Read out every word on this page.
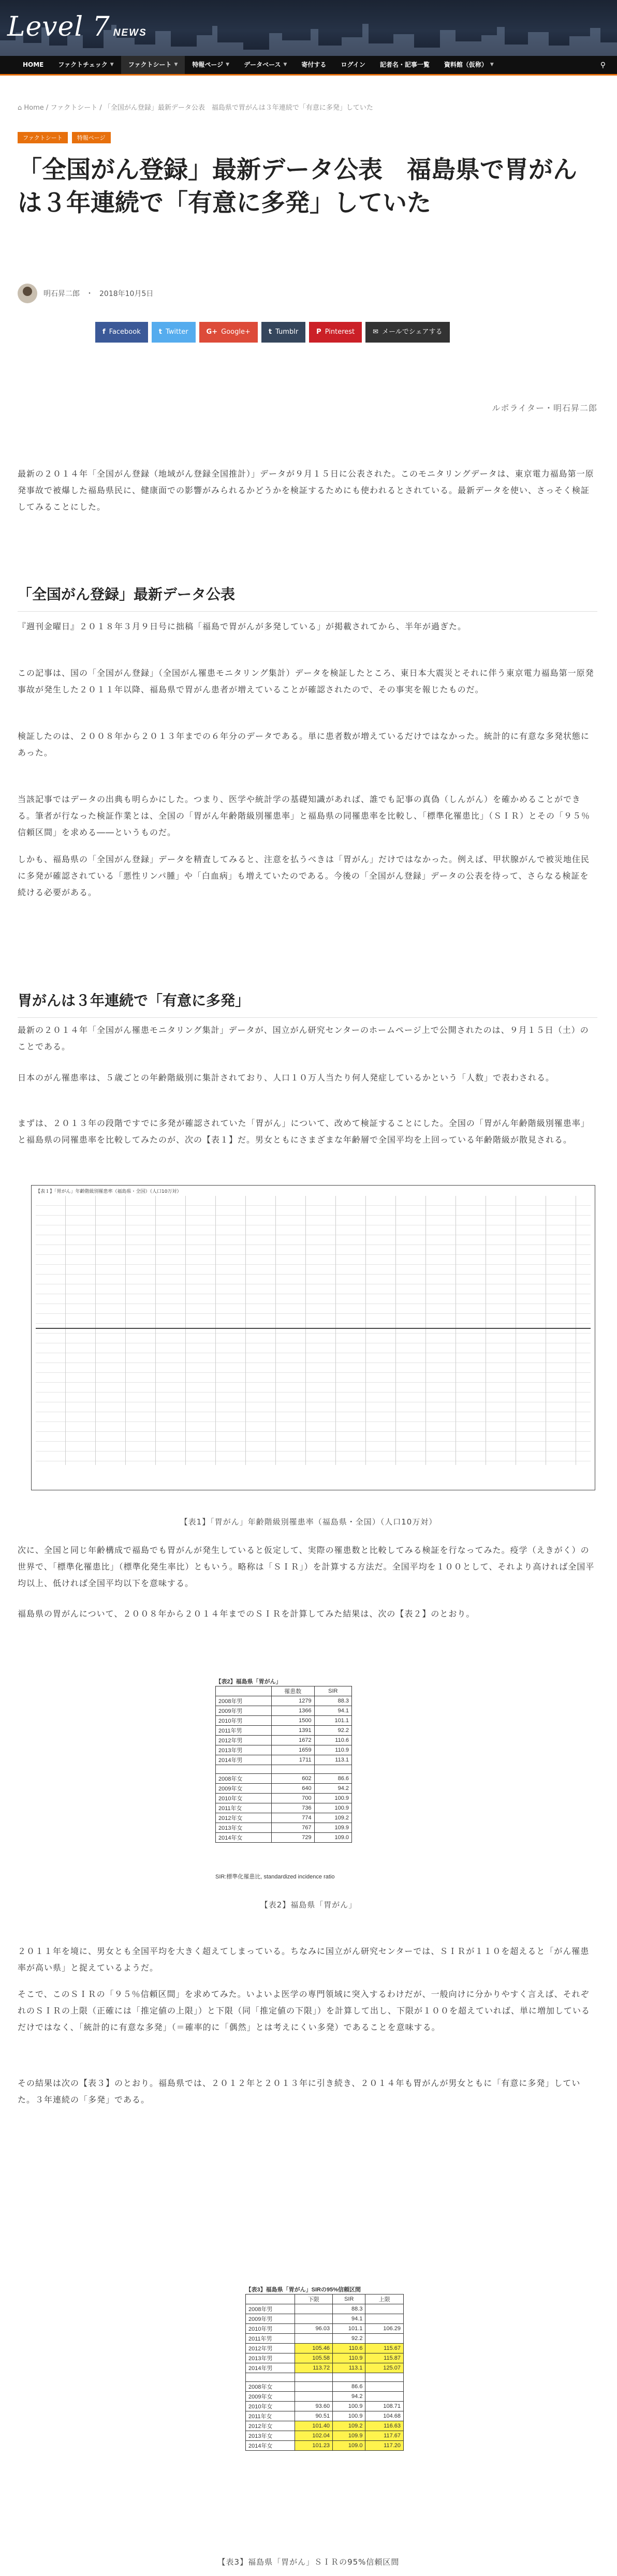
Level 7 NEWS
HOME ファクトチェック ▼ ファクトシート ▼ 特報ページ ▼ データベース ▼ 寄付する ログイン 記者名・記事一覧 資料館（仮称） ▼	⚲
⌂ Home / ファクトシート / 「全国がん登録」最新データ公表　福島県で胃がんは３年連続で「有意に多発」していた
ファクトシート	特報ページ
「全国がん登録」最新データ公表　福島県で胃がんは３年連続で「有意に多発」していた
明石昇二郎 ・ 2018年10月5日
f Facebook	t Twitter	G+ Google+	t Tumblr	P Pinterest	✉ メールでシェアする
ルポライター・明石昇二郎

最新の２０１４年「全国がん登録（地域がん登録全国推計）」データが９月１５日に公表された。このモニタリングデータは、東京電力福島第一原発事故で被爆した福島県民に、健康面での影響がみられるかどうかを検証するためにも使われるとされている。最新データを使い、さっそく検証してみることにした。

「全国がん登録」最新データ公表

『週刊金曜日』２０１８年３月９日号に拙稿「福島で胃がんが多発している」が掲載されてから、半年が過ぎた。

この記事は、国の「全国がん登録」（全国がん罹患モニタリング集計）データを検証したところ、東日本大震災とそれに伴う東京電力福島第一原発事故が発生した２０１１年以降、福島県で胃がん患者が増えていることが確認されたので、その事実を報じたものだ。

検証したのは、２００８年から２０１３年までの６年分のデータである。単に患者数が増えているだけではなかった。統計的に有意な多発状態にあった。

当該記事ではデータの出典も明らかにした。つまり、医学や統計学の基礎知識があれば、誰でも記事の真偽（しんがん）を確かめることができる。筆者が行なった検証作業とは、全国の「胃がん年齢階級別罹患率」と福島県の同罹患率を比較し、「標準化罹患比」（ＳＩＲ）とその「９５％信頼区間」を求める――というものだ。

しかも、福島県の「全国がん登録」データを精査してみると、注意を払うべきは「胃がん」だけではなかった。例えば、甲状腺がんで被災地住民に多発が確認されている「悪性リンパ腫」や「白血病」も増えていたのである。今後の「全国がん登録」データの公表を待って、さらなる検証を続ける必要がある。

胃がんは３年連続で「有意に多発」

最新の２０１４年「全国がん罹患モニタリング集計」データが、国立がん研究センターのホームページ上で公開されたのは、９月１５日（土）のことである。

日本のがん罹患率は、５歳ごとの年齢階級別に集計されており、人口１０万人当たり何人発症しているかという「人数」で表わされる。

まずは、２０１３年の段階ですでに多発が確認されていた「胃がん」について、改めて検証することにした。全国の「胃がん年齢階級別罹患率」と福島県の同罹患率を比較してみたのが、次の【表１】だ。男女ともにさまざまな年齢層で全国平均を上回っている年齢階級が散見される。

【表１】「胃がん」年齢階級別罹患率（福島県・全国）（人口10万対）
【表1】「胃がん」年齢階級別罹患率（福島県・全国）（人口10万対）

次に、全国と同じ年齢構成で福島でも胃がんが発生していると仮定して、実際の罹患数と比較してみる検証を行なってみた。疫学（えきがく）の世界で、「標準化罹患比」（標準化発生率比）ともいう。略称は「ＳＩＲ」）を計算する方法だ。全国平均を１００として、それより高ければ全国平均以上、低ければ全国平均以下を意味する。

福島県の胃がんについて、２００８年から２０１４年までのＳＩＲを計算してみた結果は、次の【表２】のとおり。

【表2】福島県「胃がん」		
	罹患数	SIR
2008年男	1279	88.3
2009年男	1366	94.1
2010年男	1500	101.1
2011年男	1391	92.2
2012年男	1672	110.6
2013年男	1659	110.9
2014年男	1711	113.1

2008年女	602	86.6
2009年女	640	94.2
2010年女	700	100.9
2011年女	736	100.9
2012年女	774	109.2
2013年女	767	109.9
2014年女	729	109.0
SIR:標準化罹患比, standardized incidence ratio
【表2】福島県「胃がん」

２０１１年を境に、男女とも全国平均を大きく超えてしまっている。ちなみに国立がん研究センターでは、ＳＩＲが１１０を超えると「がん罹患率が高い県」と捉えているようだ。

そこで、このＳＩＲの「９５％信頼区間」を求めてみた。いよいよ医学の専門領域に突入するわけだが、一般向けに分かりやすく言えば、それぞれのＳＩＲの上限（正確には「推定値の上限」）と下限（同「推定値の下限」）を計算して出し、下限が１００を超えていれば、単に増加しているだけではなく、「統計的に有意な多発」（＝確率的に「偶然」とは考えにくい多発）であることを意味する。

その結果は次の【表３】のとおり。福島県では、２０１２年と２０１３年に引き続き、２０１４年も胃がんが男女ともに「有意に多発」していた。３年連続の「多発」である。

【表3】福島県「胃がん」SIRの95%信頼区間			
	下限	SIR	上限
2008年男		88.3	
2009年男		94.1	
2010年男	96.03	101.1	106.29
2011年男		92.2	
2012年男	105.46	110.6	115.67
2013年男	105.58	110.9	115.87
2014年男	113.72	113.1	125.07

2008年女		86.6	
2009年女		94.2	
2010年女	93.60	100.9	108.71
2011年女	90.51	100.9	104.68
2012年女	101.40	109.2	116.63
2013年女	102.04	109.9	117.67
2014年女	101.23	109.0	117.20
【表3】福島県「胃がん」ＳＩＲの95%信頼区間
